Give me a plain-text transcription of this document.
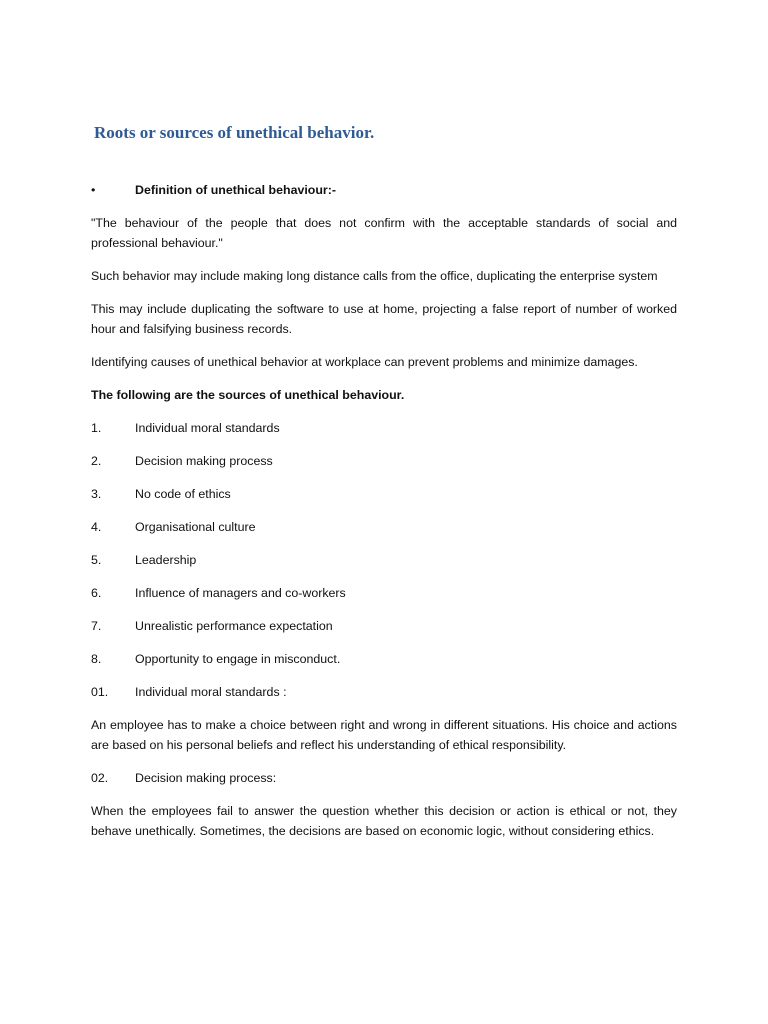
Roots or sources of unethical behavior.
•	Definition of unethical behaviour:-

"The behaviour of the people that does not confirm with the acceptable standards of social and professional behaviour."

Such behavior may include making long distance calls from the office, duplicating the enterprise system

This may include duplicating the software to use at home, projecting a false report of number of worked hour and falsifying business records.

Identifying causes of unethical behavior at workplace can prevent problems and minimize damages.

The following are the sources of unethical behaviour.

1.	Individual moral standards
2.	Decision making process
3.	No code of ethics
4.	Organisational culture
5.	Leadership
6.	Influence of managers and co-workers
7.	Unrealistic performance expectation
8.	Opportunity to engage in misconduct.
01.	Individual moral standards :

An employee has to make a choice between right and wrong in different situations. His choice and actions are based on his personal beliefs and reflect his understanding of ethical responsibility.

02.	Decision making process:

When the employees fail to answer the question whether this decision or action is ethical or not, they behave unethically. Sometimes, the decisions are based on economic logic, without considering ethics.
